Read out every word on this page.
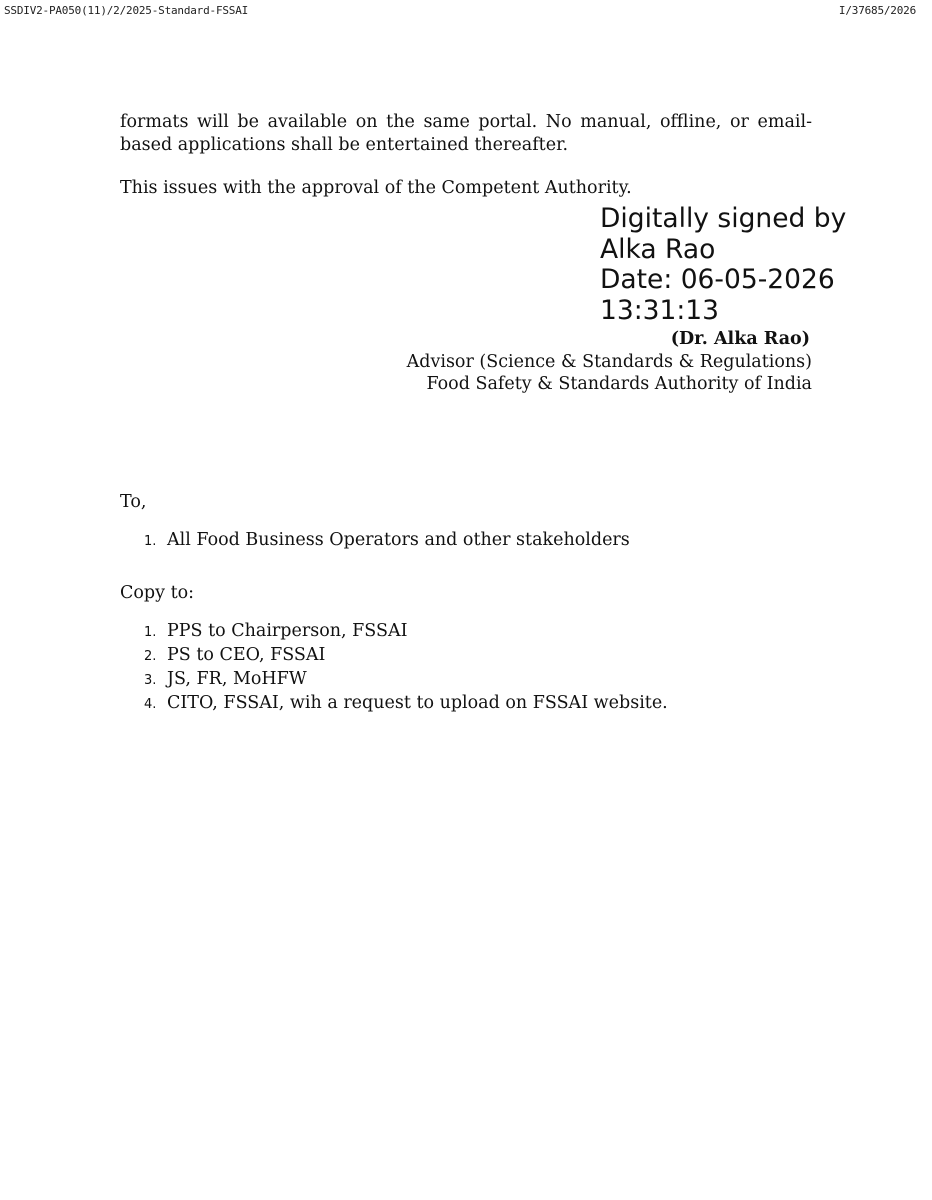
SSDIV2-PA050(11)/2/2025-Standard-FSSAI	I/37685/2026

formats will be available on the same portal. No manual, offline, or email-based applications shall be entertained thereafter.

This issues with the approval of the Competent Authority.

Digitally signed by
Alka Rao
Date: 06-05-2026
13:31:13
(Dr. Alka Rao)
Advisor (Science & Standards & Regulations)
Food Safety & Standards Authority of India

To,

1. All Food Business Operators and other stakeholders

Copy to:

1. PPS to Chairperson, FSSAI
2. PS to CEO, FSSAI
3. JS, FR, MoHFW
4. CITO, FSSAI, wih a request to upload on FSSAI website.
